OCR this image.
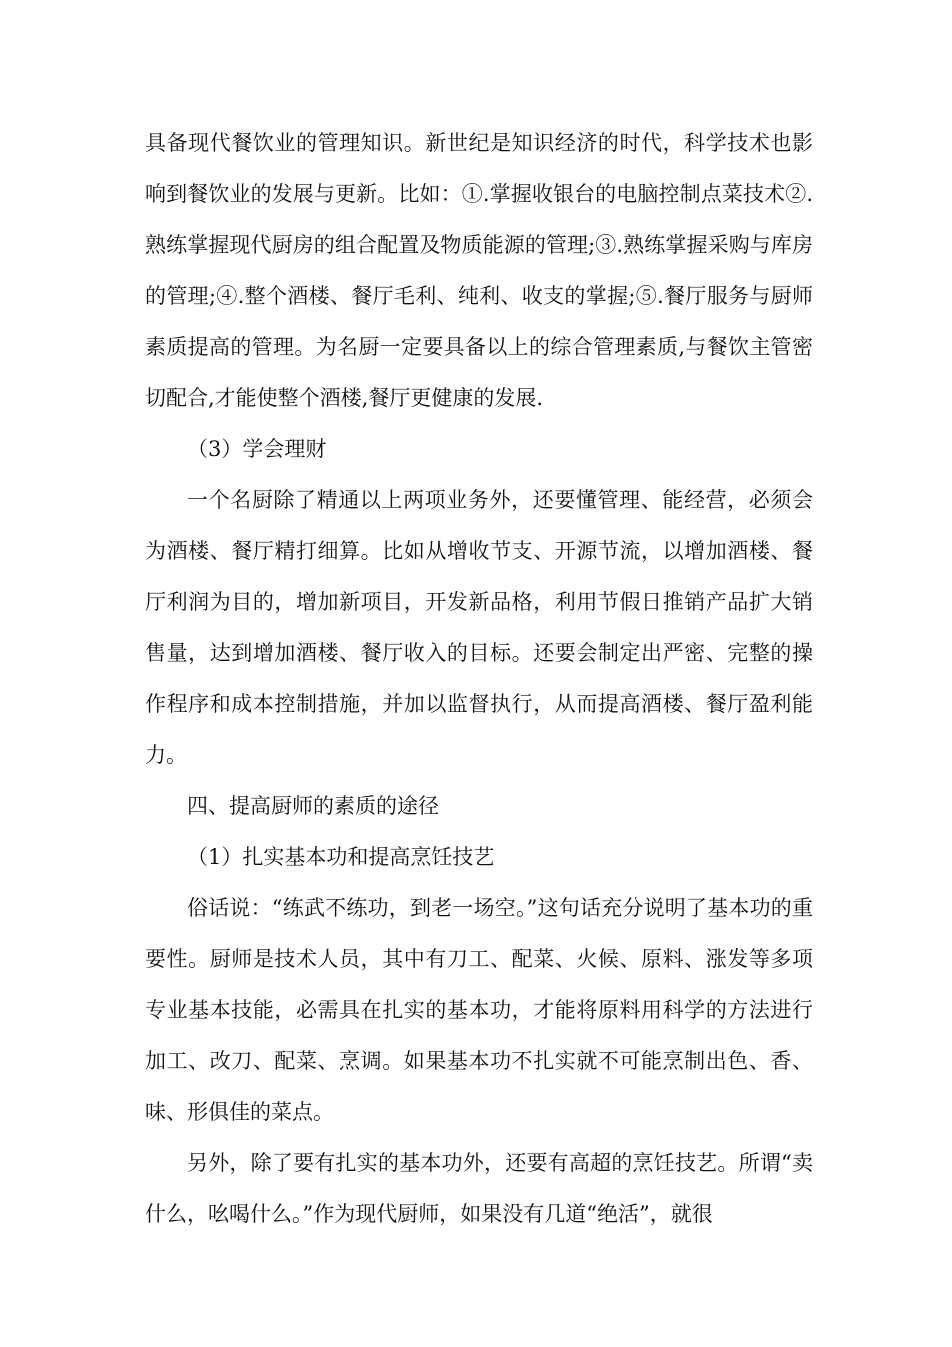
具备现代餐饮业的管理知识。新世纪是知识经济的时代，科学技术也影响到餐饮业的发展与更新。比如：①.掌握收银台的电脑控制点菜技术②.熟练掌握现代厨房的组合配置及物质能源的管理;③.熟练掌握采购与库房的管理;④.整个酒楼、餐厅毛利、纯利、收支的掌握;⑤.餐厅服务与厨师素质提高的管理。为名厨一定要具备以上的综合管理素质,与餐饮主管密切配合,才能使整个酒楼,餐厅更健康的发展.

（3）学会理财

一个名厨除了精通以上两项业务外，还要懂管理、能经营，必须会为酒楼、餐厅精打细算。比如从增收节支、开源节流，以增加酒楼、餐厅利润为目的，增加新项目，开发新品格，利用节假日推销产品扩大销售量，达到增加酒楼、餐厅收入的目标。还要会制定出严密、完整的操作程序和成本控制措施，并加以监督执行，从而提高酒楼、餐厅盈利能力。

四、提高厨师的素质的途径

（1）扎实基本功和提高烹饪技艺

俗话说：“练武不练功，到老一场空。”这句话充分说明了基本功的重要性。厨师是技术人员，其中有刀工、配菜、火候、原料、涨发等多项专业基本技能，必需具在扎实的基本功，才能将原料用科学的方法进行加工、改刀、配菜、烹调。如果基本功不扎实就不可能烹制出色、香、味、形俱佳的菜点。

另外，除了要有扎实的基本功外，还要有高超的烹饪技艺。所谓“卖什么，吆喝什么。”作为现代厨师，如果没有几道“绝活”，就很
